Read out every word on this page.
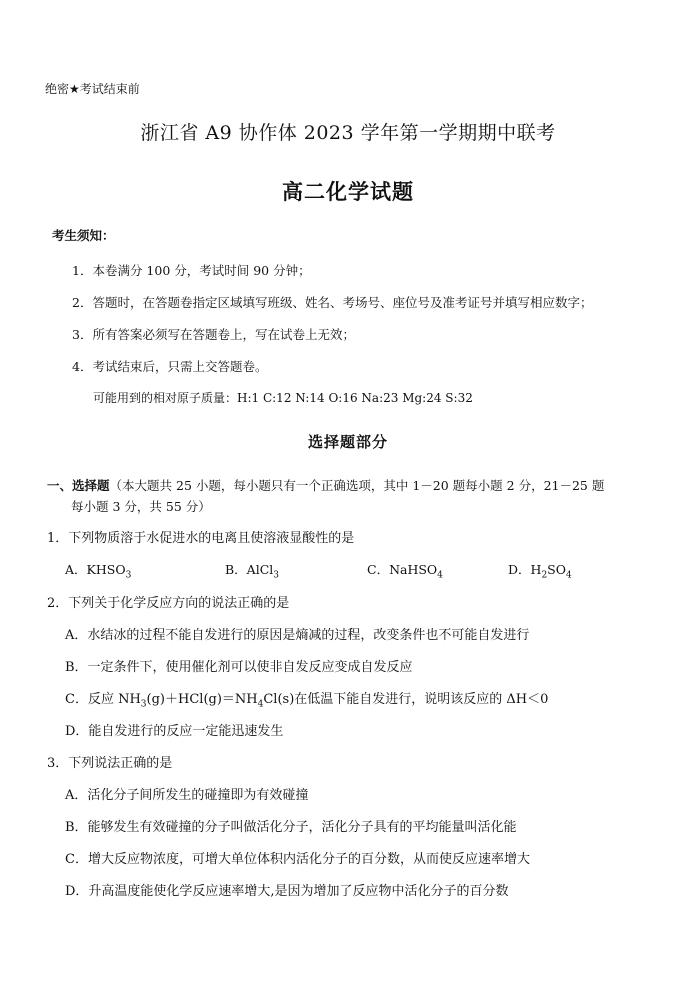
绝密★考试结束前
浙江省 A9 协作体 2023 学年第一学期期中联考
高二化学试题
考生须知：
1．本卷满分 100 分，考试时间 90 分钟；
2．答题时，在答题卷指定区域填写班级、姓名、考场号、座位号及准考证号并填写相应数字；
3．所有答案必须写在答题卷上，写在试卷上无效；
4．考试结束后，只需上交答题卷。
可能用到的相对原子质量：H:1 C:12 N:14 O:16 Na:23 Mg:24 S:32
选择题部分
一、选择题（本大题共 25 小题，每小题只有一个正确选项，其中 1－20 题每小题 2 分，21－25 题
每小题 3 分，共 55 分）
1．下列物质溶于水促进水的电离且使溶液显酸性的是
A．$KHSO_3$	B．AlCl$_3$	C．NaHSO$_4$	D．$H_2SO_4$
2．下列关于化学反应方向的说法正确的是
A．水结冰的过程不能自发进行的原因是熵减的过程，改变条件也不可能自发进行
B．一定条件下，使用催化剂可以使非自发反应变成自发反应
C．反应 $NH_3(g)+HCl(g)=NH_4Cl(s)$在低温下能自发进行，说明该反应的 ΔH＜0
D．能自发进行的反应一定能迅速发生
3．下列说法正确的是
A．活化分子间所发生的碰撞即为有效碰撞
B．能够发生有效碰撞的分子叫做活化分子，活化分子具有的平均能量叫活化能
C．增大反应物浓度，可增大单位体积内活化分子的百分数，从而使反应速率增大
D．升高温度能使化学反应速率增大,是因为增加了反应物中活化分子的百分数
